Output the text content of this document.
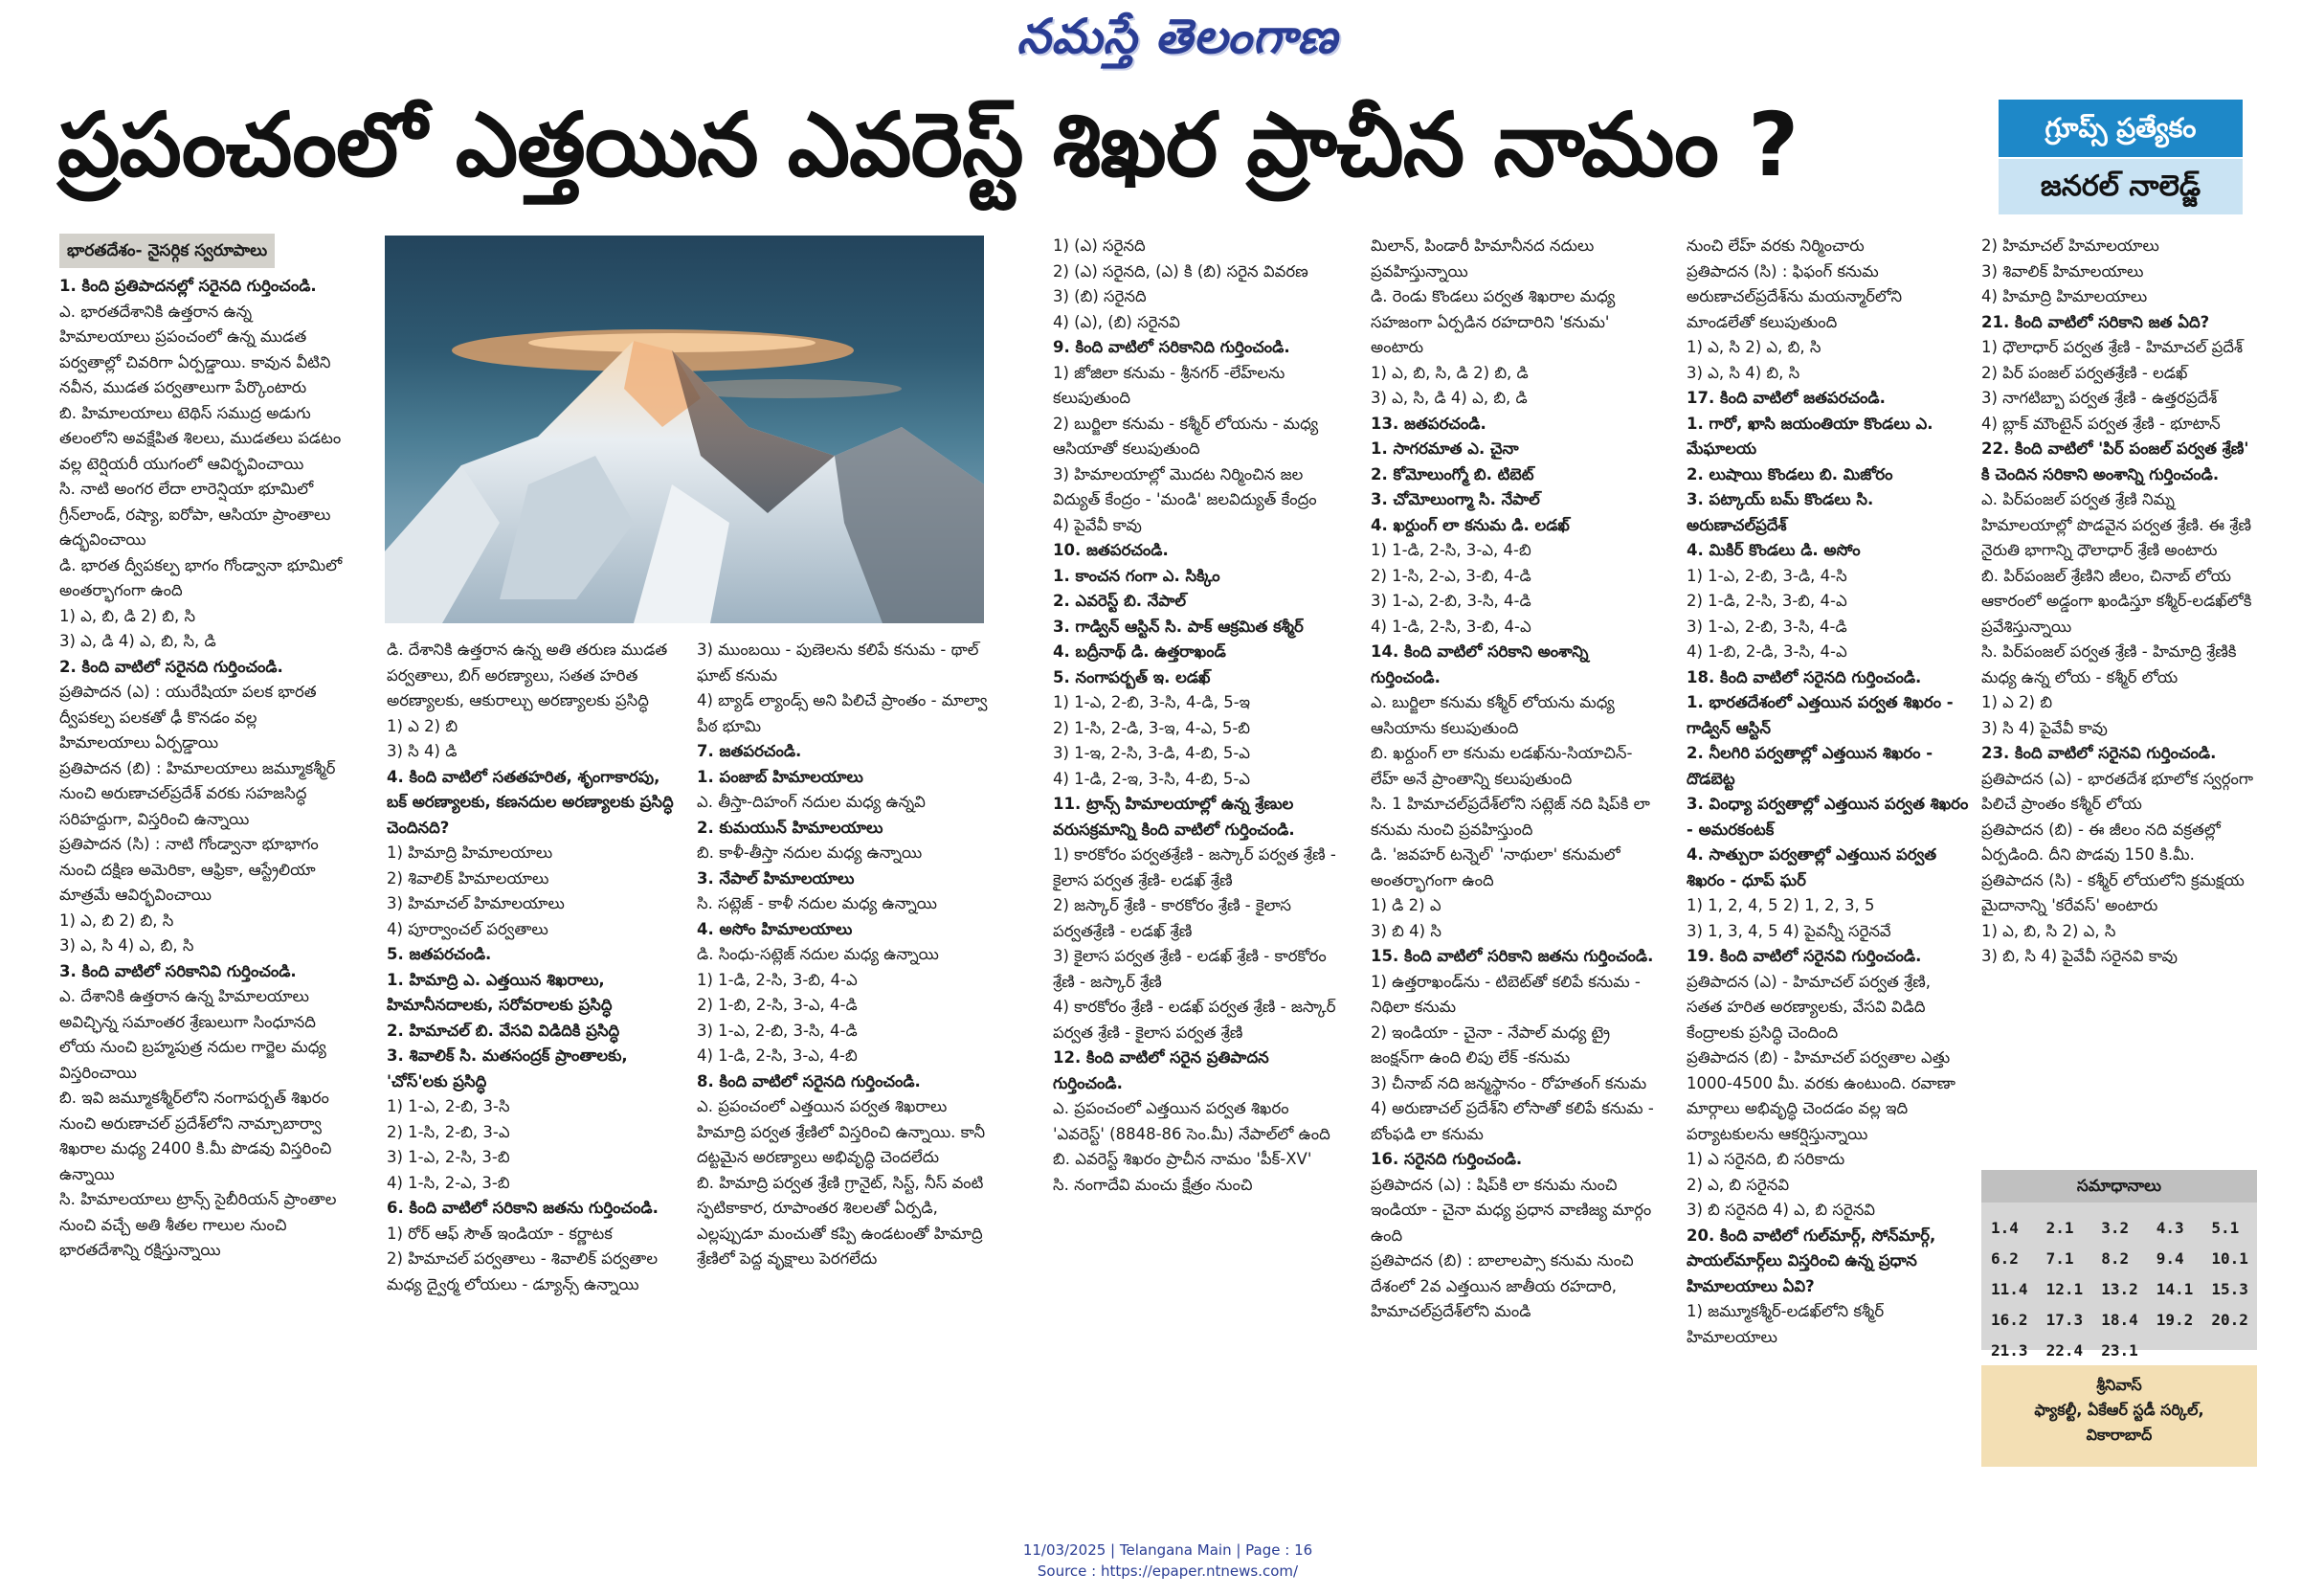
నమస్తే తెలంగాణ
ప్రపంచంలో ఎత్తయిన ఎవరెస్ట్ శిఖర ప్రాచీన నామం ?	గ్రూప్స్ ప్రత్యేకం
జనరల్ నాలెడ్జ్
భారతదేశం- నైసర్గిక స్వరూపాలు

1. కింది ప్రతిపాదనల్లో సరైనది గుర్తించండి.

ఎ. భారతదేశానికి ఉత్తరాన ఉన్న హిమాలయాలు ప్రపంచంలో ఉన్న ముడత పర్వతాల్లో చివరిగా ఏర్పడ్డాయి. కావున వీటిని నవీన, ముడత పర్వతాలుగా పేర్కొంటారు

బి. హిమాలయాలు టెథిస్ సముద్ర అడుగు తలంలోని అవక్షేపిత శిలలు, ముడతలు పడటం వల్ల టెర్షియరీ యుగంలో ఆవిర్భవించాయి

సి. నాటి అంగర లేదా లారెన్షియా భూమిలో గ్రీన్‌లాండ్, రష్యా, ఐరోపా, ఆసియా ప్రాంతాలు ఉద్భవించాయి

డి. భారత ద్వీపకల్ప భాగం గోండ్వానా భూమిలో అంతర్భాగంగా ఉంది

1) ఎ, బి, డి 2) బి, సి

3) ఎ, డి 4) ఎ, బి, సి, డి

2. కింది వాటిలో సరైనది గుర్తించండి.

ప్రతిపాదన (ఎ) : యురేషియా పలక భారత ద్వీపకల్ప పలకతో ఢీ కొనడం వల్ల హిమాలయాలు ఏర్పడ్డాయి

ప్రతిపాదన (బి) : హిమాలయాలు జమ్మూకశ్మీర్ నుంచి అరుణాచల్‌ప్రదేశ్ వరకు సహజసిద్ధ సరిహద్దుగా, విస్తరించి ఉన్నాయి

ప్రతిపాదన (సి) : నాటి గోండ్వానా భూభాగం నుంచి దక్షిణ అమెరికా, ఆఫ్రికా, ఆస్ట్రేలియా మాత్రమే ఆవిర్భవించాయి

1) ఎ, బి 2) బి, సి

3) ఎ, సి 4) ఎ, బి, సి

3. కింది వాటిలో సరికానివి గుర్తించండి.

ఎ. దేశానికి ఉత్తరాన ఉన్న హిమాలయాలు అవిచ్ఛిన్న సమాంతర శ్రేణులుగా సింధూనది లోయ నుంచి బ్రహ్మపుత్ర నదుల గార్జెల మధ్య విస్తరించాయి

బి. ఇవి జమ్మూకశ్మీర్‌లోని నంగాపర్బత్ శిఖరం నుంచి అరుణాచల్ ప్రదేశ్‌లోని నామ్చాబార్వా శిఖరాల మధ్య 2400 కి.మీ పొడవు విస్తరించి ఉన్నాయి

సి. హిమాలయాలు ట్రాన్స్ సైబీరియన్ ప్రాంతాల నుంచి వచ్చే అతి శీతల గాలుల నుంచి భారతదేశాన్ని రక్షిస్తున్నాయి

డి. దేశానికి ఉత్తరాన ఉన్న అతి తరుణ ముడత పర్వతాలు, బిగ్ అరణ్యాలు, సతత హరిత అరణ్యాలకు, ఆకురాల్చు అరణ్యాలకు ప్రసిద్ధి

1) ఎ 2) బి

3) సి 4) డి

4. కింది వాటిలో సతతహరిత, శృంగాకారపు, బక్ అరణ్యాలకు, కణనదుల అరణ్యాలకు ప్రసిద్ధి చెందినది?

1) హిమాద్రి హిమాలయాలు

2) శివాలిక్ హిమాలయాలు

3) హిమాచల్ హిమాలయాలు

4) పూర్వాంచల్ పర్వతాలు

5. జతపరచండి.

1. హిమాద్రి ఎ. ఎత్తయిన శిఖరాలు, హిమానీనదాలకు, సరోవరాలకు ప్రసిద్ధి

2. హిమాచల్ బి. వేసవి విడిదికి ప్రసిద్ధి

3. శివాలిక్ సి. మతసంద్రక్ ప్రాంతాలకు, 'చోస్'లకు ప్రసిద్ధి

1) 1-ఎ, 2-బి, 3-సి

2) 1-సి, 2-బి, 3-ఎ

3) 1-ఎ, 2-సి, 3-బి

4) 1-సి, 2-ఎ, 3-బి

6. కింది వాటిలో సరికాని జతను గుర్తించండి.

1) రోర్ ఆఫ్ సౌత్ ఇండియా - కర్ణాటక

2) హిమాచల్ పర్వతాలు - శివాలిక్ పర్వతాల మధ్య ద్వైర్మ లోయలు - డ్యూన్స్ ఉన్నాయి

3) ముంబయి - పుణెలను కలిపే కనుమ - థాల్ ఘాట్ కనుమ

4) బ్యాడ్ ల్యాండ్స్ అని పిలిచే ప్రాంతం - మాల్వా పీఠ భూమి

7. జతపరచండి.

1. పంజాబ్ హిమాలయాలు

ఎ. తీస్తా-దిహంగ్ నదుల మధ్య ఉన్నవి

2. కుమయున్ హిమాలయాలు

బి. కాళీ-తీస్తా నదుల మధ్య ఉన్నాయి

3. నేపాల్ హిమాలయాలు

సి. సట్లెజ్ - కాళీ నదుల మధ్య ఉన్నాయి

4. అసోం హిమాలయాలు

డి. సింధు-సట్లెజ్ నదుల మధ్య ఉన్నాయి

1) 1-డి, 2-సి, 3-బి, 4-ఎ

2) 1-బి, 2-సి, 3-ఎ, 4-డి

3) 1-ఎ, 2-బి, 3-సి, 4-డి

4) 1-డి, 2-సి, 3-ఎ, 4-బి

8. కింది వాటిలో సరైనది గుర్తించండి.

ఎ. ప్రపంచంలో ఎత్తయిన పర్వత శిఖరాలు హిమాద్రి పర్వత శ్రేణిలో విస్తరించి ఉన్నాయి. కానీ దట్టమైన అరణ్యాలు అభివృద్ధి చెందలేదు

బి. హిమాద్రి పర్వత శ్రేణి గ్రానైట్, సిస్ట్, నీస్ వంటి స్ఫటికాకార, రూపాంతర శిలలతో ఏర్పడి, ఎల్లప్పుడూ మంచుతో కప్పి ఉండటంతో హిమాద్రి శ్రేణిలో పెద్ద వృక్షాలు పెరగలేదు

1) (ఎ) సరైనది

2) (ఎ) సరైనది, (ఎ) కి (బి) సరైన వివరణ

3) (బి) సరైనది

4) (ఎ), (బి) సరైనవి

9. కింది వాటిలో సరికానిది గుర్తించండి.

1) జోజిలా కనుమ - శ్రీనగర్ -లేహ్‌లను కలుపుతుంది

2) బుర్జిలా కనుమ - కశ్మీర్ లోయను - మధ్య ఆసియాతో కలుపుతుంది

3) హిమాలయాల్లో మొదట నిర్మించిన జల విద్యుత్ కేంద్రం - 'మండి' జలవిద్యుత్ కేంద్రం

4) పైవేవీ కావు

10. జతపరచండి.

1. కాంచన గంగా ఎ. సిక్కిం

2. ఎవరెస్ట్ బి. నేపాల్

3. గాడ్విన్ ఆస్టిన్ సి. పాక్ ఆక్రమిత కశ్మీర్

4. బద్రీనాథ్ డి. ఉత్తరాఖండ్

5. నంగాపర్బత్ ఇ. లడఖ్

1) 1-ఎ, 2-బి, 3-సి, 4-డి, 5-ఇ

2) 1-సి, 2-డి, 3-ఇ, 4-ఎ, 5-బి

3) 1-ఇ, 2-సి, 3-డి, 4-బి, 5-ఎ

4) 1-డి, 2-ఇ, 3-సి, 4-బి, 5-ఎ

11. ట్రాన్స్ హిమాలయాల్లో ఉన్న శ్రేణుల వరుసక్రమాన్ని కింది వాటిలో గుర్తించండి.

1) కారకోరం పర్వతశ్రేణి - జస్కార్ పర్వత శ్రేణి - కైలాస పర్వత శ్రేణి- లడఖ్ శ్రేణి

2) జస్కార్ శ్రేణి - కారకోరం శ్రేణి - కైలాస పర్వతశ్రేణి - లడఖ్ శ్రేణి

3) కైలాస పర్వత శ్రేణి - లడఖ్ శ్రేణి - కారకోరం శ్రేణి - జస్కార్ శ్రేణి

4) కారకోరం శ్రేణి - లడఖ్ పర్వత శ్రేణి - జస్కార్ పర్వత శ్రేణి - కైలాస పర్వత శ్రేణి

12. కింది వాటిలో సరైన ప్రతిపాదన గుర్తించండి.

ఎ. ప్రపంచంలో ఎత్తయిన పర్వత శిఖరం 'ఎవరెస్ట్' (8848-86 సెం.మీ) నేపాల్‌లో ఉంది

బి. ఎవరెస్ట్ శిఖరం ప్రాచీన నామం 'పీక్-XV'

సి. నంగాదేవి మంచు క్షేత్రం నుంచి

మిలాన్, పిండారీ హిమానీనద నదులు ప్రవహిస్తున్నాయి

డి. రెండు కొండలు పర్వత శిఖరాల మధ్య సహజంగా ఏర్పడిన రహదారిని 'కనుమ' అంటారు

1) ఎ, బి, సి, డి 2) బి, డి

3) ఎ, సి, డి 4) ఎ, బి, డి

13. జతపరచండి.

1. సాగరమాత ఎ. చైనా

2. కోమోలుంగ్మో బి. టిబెట్

3. చోమోలుంగ్మా సి. నేపాల్

4. ఖర్దుంగ్ లా కనుమ డి. లడఖ్

1) 1-డి, 2-సి, 3-ఎ, 4-బి

2) 1-సి, 2-ఎ, 3-బి, 4-డి

3) 1-ఎ, 2-బి, 3-సి, 4-డి

4) 1-డి, 2-సి, 3-బి, 4-ఎ

14. కింది వాటిలో సరికాని అంశాన్ని గుర్తించండి.

ఎ. బుర్జిలా కనుమ కశ్మీర్ లోయను మధ్య ఆసియాను కలుపుతుంది

బి. ఖర్దుంగ్ లా కనుమ లడఖ్‌ను-సియాచిన్-లేహ్ అనే ప్రాంతాన్ని కలుపుతుంది

సి. 1 హిమాచల్‌ప్రదేశ్‌లోని సట్లెజ్ నది షిప్‌కి లా కనుమ నుంచి ప్రవహిస్తుంది

డి. 'జవహర్ టన్నెల్' 'నాథులా' కనుమలో అంతర్భాగంగా ఉంది

1) డి 2) ఎ

3) బి 4) సి

15. కింది వాటిలో సరికాని జతను గుర్తించండి.

1) ఉత్తరాఖండ్‌ను - టిబెట్‌తో కలిపే కనుమ - నిథిలా కనుమ

2) ఇండియా - చైనా - నేపాల్ మధ్య ట్రై జంక్షన్‌గా ఉంది లిపు లేక్ -కనుమ

3) చీనాబ్ నది జన్మస్థానం - రోహతంగ్ కనుమ

4) అరుణాచల్ ప్రదేశ్‌ని లోసాతో కలిపే కనుమ - బోంఫడి లా కనుమ

16. సరైనది గుర్తించండి.

ప్రతిపాదన (ఎ) : షిప్‌కి లా కనుమ నుంచి ఇండియా - చైనా మధ్య ప్రధాన వాణిజ్య మార్గం ఉంది

ప్రతిపాదన (బి) : బాలాలప్సా కనుమ నుంచి దేశంలో 2వ ఎత్తయిన జాతీయ రహదారి, హిమాచల్‌ప్రదేశ్‌లోని మండి

నుంచి లేహ్ వరకు నిర్మించారు

ప్రతిపాదన (సి) : ఫిఫంగ్ కనుమ అరుణాచల్‌ప్రదేశ్‌ను మయన్మార్‌లోని మాండలేతో కలుపుతుంది

1) ఎ, సి 2) ఎ, బి, సి

3) ఎ, సి 4) బి, సి

17. కింది వాటిలో జతపరచండి.

1. గారో, ఖాసి జయంతియా కొండలు ఎ. మేఘాలయ

2. లుషాయి కొండలు బి. మిజోరం

3. పట్కాయ్ బమ్ కొండలు సి. అరుణాచల్‌ప్రదేశ్

4. మికిర్ కొండలు డి. అసోం

1) 1-ఎ, 2-బి, 3-డి, 4-సి

2) 1-డి, 2-సి, 3-బి, 4-ఎ

3) 1-ఎ, 2-బి, 3-సి, 4-డి

4) 1-బి, 2-డి, 3-సి, 4-ఎ

18. కింది వాటిలో సరైనది గుర్తించండి.

1. భారతదేశంలో ఎత్తయిన పర్వత శిఖరం - గాడ్విన్ ఆస్టిన్

2. నీలగిరి పర్వతాల్లో ఎత్తయిన శిఖరం - దొడబెట్ట

3. వింధ్యా పర్వతాల్లో ఎత్తయిన పర్వత శిఖరం - అమరకంటక్

4. సాత్పురా పర్వతాల్లో ఎత్తయిన పర్వత శిఖరం - ధూప్ ఘర్

1) 1, 2, 4, 5 2) 1, 2, 3, 5

3) 1, 3, 4, 5 4) పైవన్నీ సరైనవే

19. కింది వాటిలో సరైనవి గుర్తించండి.

ప్రతిపాదన (ఎ) - హిమాచల్ పర్వత శ్రేణి, సతత హరిత అరణ్యాలకు, వేసవి విడిది కేంద్రాలకు ప్రసిద్ధి చెందింది

ప్రతిపాదన (బి) - హిమాచల్ పర్వతాల ఎత్తు 1000-4500 మీ. వరకు ఉంటుంది. రవాణా మార్గాలు అభివృద్ధి చెందడం వల్ల ఇది పర్యాటకులను ఆకర్షిస్తున్నాయి

1) ఎ సరైనది, బి సరికాదు

2) ఎ, బి సరైనవి

3) బి సరైనది 4) ఎ, బి సరైనవి

20. కింది వాటిలో గుల్‌మార్గ్, సోన్‌మార్గ్, పాయల్‌మార్గ్‌లు విస్తరించి ఉన్న ప్రధాన హిమాలయాలు ఏవి?

1) జమ్మూకశ్మీర్-లడఖ్‌లోని కశ్మీర్ హిమాలయాలు

2) హిమాచల్ హిమాలయాలు

3) శివాలిక్ హిమాలయాలు

4) హిమాద్రి హిమాలయాలు

21. కింది వాటిలో సరికాని జత ఏది?

1) ధౌలాధార్ పర్వత శ్రేణి - హిమాచల్ ప్రదేశ్

2) పిర్ పంజల్ పర్వతశ్రేణి - లడఖ్

3) నాగటిబ్బా పర్వత శ్రేణి - ఉత్తరప్రదేశ్

4) బ్లాక్ మౌంటైన్ పర్వత శ్రేణి - భూటాన్

22. కింది వాటిలో 'పిర్ పంజల్ పర్వత శ్రేణి' కి చెందిన సరికాని అంశాన్ని గుర్తించండి.

ఎ. పిర్‌పంజల్ పర్వత శ్రేణి నిమ్న హిమాలయాల్లో పొడవైన పర్వత శ్రేణి. ఈ శ్రేణి నైరుతి భాగాన్ని ధౌలాధార్ శ్రేణి అంటారు

బి. పిర్‌పంజల్ శ్రేణిని జీలం, చినాబ్ లోయ ఆకారంలో అడ్డంగా ఖండిస్తూ కశ్మీర్-లడఖ్‌లోకి ప్రవేశిస్తున్నాయి

సి. పిర్‌పంజల్ పర్వత శ్రేణి - హిమాద్రి శ్రేణికి మధ్య ఉన్న లోయ - కశ్మీర్ లోయ

1) ఎ 2) బి

3) సి 4) పైవేవీ కావు

23. కింది వాటిలో సరైనవి గుర్తించండి.

ప్రతిపాదన (ఎ) - భారతదేశ భూలోక స్వర్గంగా పిలిచే ప్రాంతం కశ్మీర్ లోయ

ప్రతిపాదన (బి) - ఈ జీలం నది వక్రతల్లో ఏర్పడింది. దీని పొడవు 150 కి.మీ.

ప్రతిపాదన (సి) - కశ్మీర్ లోయలోని క్రమక్షయ మైదానాన్ని 'కరేవస్' అంటారు

1) ఎ, బి, సి 2) ఎ, సి

3) బి, సి 4) పైవేవీ సరైనవి కావు

సమాధానాలు
1.4	2.1	3.2	4.3	5.1
6.2	7.1	8.2	9.4	10.1
11.4	12.1	13.2	14.1	15.3
16.2	17.3	18.4	19.2	20.2
21.3	22.4	23.1		
శ్రీనివాస్
ఫ్యాకల్టీ, ఏకేఆర్ స్టడీ సర్కిల్,
వికారాబాద్
11/03/2025 | Telangana Main | Page : 16
Source : https://epaper.ntnews.com/
